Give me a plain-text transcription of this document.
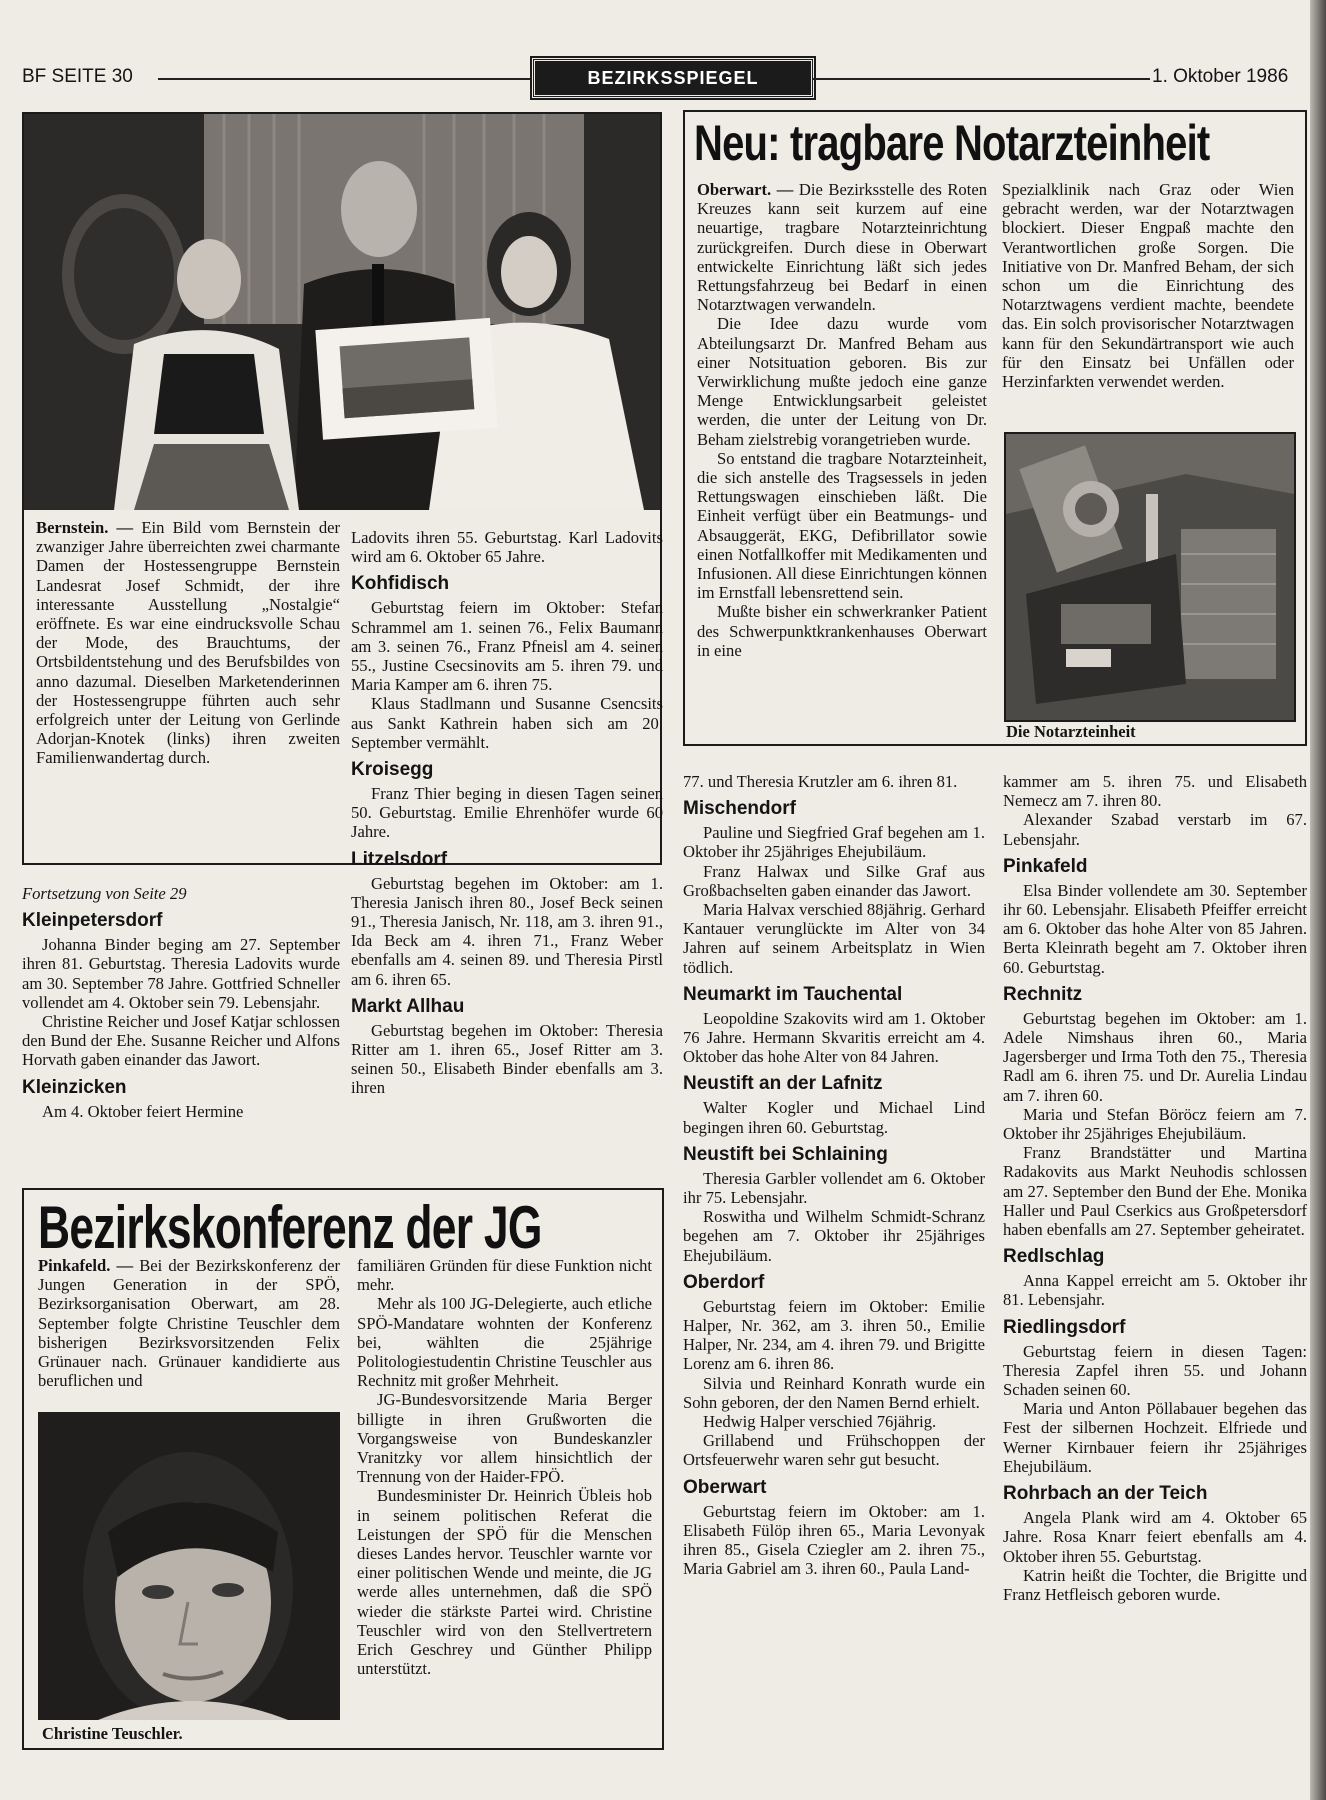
BF SEITE 30	BEZIRKSSPIEGEL	1. Oktober 1986

Bernstein. — Ein Bild vom Bernstein der zwanziger Jahre überreichten zwei charmante Damen der Hostessengruppe Bernstein Landesrat Josef Schmidt, der ihre interessante Ausstellung „Nostalgie“ eröffnete. Es war eine eindrucksvolle Schau der Mode, des Brauchtums, der Ortsbildentstehung und des Berufsbildes von anno dazumal. Dieselben Marketenderinnen der Hostessengruppe führten auch sehr erfolgreich unter der Leitung von Gerlinde Adorjan-Knotek (links) ihren zweiten Familienwandertag durch.

Ladovits ihren 55. Geburtstag. Karl Ladovits wird am 6. Oktober 65 Jahre.

Kohfidisch

Geburtstag feiern im Oktober: Stefan Schrammel am 1. seinen 76., Felix Baumann am 3. seinen 76., Franz Pfneisl am 4. seinen 55., Justine Csecsinovits am 5. ihren 79. und Maria Kamper am 6. ihren 75.

Klaus Stadlmann und Susanne Csencsits aus Sankt Kathrein haben sich am 20. September vermählt.

Kroisegg

Franz Thier beging in diesen Tagen seinen 50. Geburtstag. Emilie Ehrenhöfer wurde 60 Jahre.

Litzelsdorf

Geburtstag begehen im Oktober: am 1. Theresia Janisch ihren 80., Josef Beck seinen 91., Theresia Janisch, Nr. 118, am 3. ihren 91., Ida Beck am 4. ihren 71., Franz Weber ebenfalls am 4. seinen 89. und Theresia Pirstl am 6. ihren 65.

Markt Allhau

Geburtstag begehen im Oktober: Theresia Ritter am 1. ihren 65., Josef Ritter am 3. seinen 50., Elisabeth Binder ebenfalls am 3. ihren

Fortsetzung von Seite 29

Kleinpetersdorf

Johanna Binder beging am 27. September ihren 81. Geburtstag. Theresia Ladovits wurde am 30. September 78 Jahre. Gottfried Schneller vollendet am 4. Oktober sein 79. Lebensjahr.

Christine Reicher und Josef Katjar schlossen den Bund der Ehe. Susanne Reicher und Alfons Horvath gaben einander das Jawort.

Kleinzicken

Am 4. Oktober feiert Hermine

Neu: tragbare Notarzteinheit

Oberwart. — Die Bezirksstelle des Roten Kreuzes kann seit kurzem auf eine neuartige, tragbare Notarzteinrichtung zurückgreifen. Durch diese in Oberwart entwickelte Einrichtung läßt sich jedes Rettungsfahrzeug bei Bedarf in einen Notarztwagen verwandeln.

Die Idee dazu wurde vom Abteilungsarzt Dr. Manfred Beham aus einer Notsituation geboren. Bis zur Verwirklichung mußte jedoch eine ganze Menge Entwicklungsarbeit geleistet werden, die unter der Leitung von Dr. Beham zielstrebig vorangetrieben wurde.

So entstand die tragbare Notarzteinheit, die sich anstelle des Tragsessels in jeden Rettungswagen einschieben läßt. Die Einheit verfügt über ein Beatmungs- und Absauggerät, EKG, Defibrillator sowie einen Notfallkoffer mit Medikamenten und Infusionen. All diese Einrichtungen können im Ernstfall lebensrettend sein.

Mußte bisher ein schwerkranker Patient des Schwerpunktkrankenhauses Oberwart in eine

Spezialklinik nach Graz oder Wien gebracht werden, war der Notarztwagen blockiert. Dieser Engpaß machte den Verantwortlichen große Sorgen. Die Initiative von Dr. Manfred Beham, der sich schon um die Einrichtung des Notarztwagens verdient machte, beendete das. Ein solch provisorischer Notarztwagen kann für den Sekundärtransport wie auch für den Einsatz bei Unfällen oder Herzinfarkten verwendet werden.

Die Notarzteinheit

77. und Theresia Krutzler am 6. ihren 81.

Mischendorf

Pauline und Siegfried Graf begehen am 1. Oktober ihr 25jähriges Ehejubiläum.

Franz Halwax und Silke Graf aus Großbachselten gaben einander das Jawort.

Maria Halvax verschied 88jährig. Gerhard Kantauer verunglückte im Alter von 34 Jahren auf seinem Arbeitsplatz in Wien tödlich.

Neumarkt im Tauchental

Leopoldine Szakovits wird am 1. Oktober 76 Jahre. Hermann Skvaritis erreicht am 4. Oktober das hohe Alter von 84 Jahren.

Neustift an der Lafnitz

Walter Kogler und Michael Lind begingen ihren 60. Geburtstag.

Neustift bei Schlaining

Theresia Garbler vollendet am 6. Oktober ihr 75. Lebensjahr.

Roswitha und Wilhelm Schmidt-Schranz begehen am 7. Oktober ihr 25jähriges Ehejubiläum.

Oberdorf

Geburtstag feiern im Oktober: Emilie Halper, Nr. 362, am 3. ihren 50., Emilie Halper, Nr. 234, am 4. ihren 79. und Brigitte Lorenz am 6. ihren 86.

Silvia und Reinhard Konrath wurde ein Sohn geboren, der den Namen Bernd erhielt.

Hedwig Halper verschied 76jährig.

Grillabend und Frühschoppen der Ortsfeuerwehr waren sehr gut besucht.

Oberwart

Geburtstag feiern im Oktober: am 1. Elisabeth Fülöp ihren 65., Maria Levonyak ihren 85., Gisela Cziegler am 2. ihren 75., Maria Gabriel am 3. ihren 60., Paula Land-

kammer am 5. ihren 75. und Elisabeth Nemecz am 7. ihren 80.

Alexander Szabad verstarb im 67. Lebensjahr.

Pinkafeld

Elsa Binder vollendete am 30. September ihr 60. Lebensjahr. Elisabeth Pfeiffer erreicht am 6. Oktober das hohe Alter von 85 Jahren. Berta Kleinrath begeht am 7. Oktober ihren 60. Geburtstag.

Rechnitz

Geburtstag begehen im Oktober: am 1. Adele Nimshaus ihren 60., Maria Jagersberger und Irma Toth den 75., Theresia Radl am 6. ihren 75. und Dr. Aurelia Lindau am 7. ihren 60.

Maria und Stefan Böröcz feiern am 7. Oktober ihr 25jähriges Ehejubiläum.

Franz Brandstätter und Martina Radakovits aus Markt Neuhodis schlossen am 27. September den Bund der Ehe. Monika Haller und Paul Cserkics aus Großpetersdorf haben ebenfalls am 27. September geheiratet.

Redlschlag

Anna Kappel erreicht am 5. Oktober ihr 81. Lebensjahr.

Riedlingsdorf

Geburtstag feiern in diesen Tagen: Theresia Zapfel ihren 55. und Johann Schaden seinen 60.

Maria und Anton Pöllabauer begehen das Fest der silbernen Hochzeit. Elfriede und Werner Kirnbauer feiern ihr 25jähriges Ehejubiläum.

Rohrbach an der Teich

Angela Plank wird am 4. Oktober 65 Jahre. Rosa Knarr feiert ebenfalls am 4. Oktober ihren 55. Geburtstag.

Katrin heißt die Tochter, die Brigitte und Franz Hetfleisch geboren wurde.

Bezirkskonferenz der JG

Pinkafeld. — Bei der Bezirkskonferenz der Jungen Generation in der SPÖ, Bezirksorganisation Oberwart, am 28. September folgte Christine Teuschler dem bisherigen Bezirksvorsitzenden Felix Grünauer nach. Grünauer kandidierte aus beruflichen und

Christine Teuschler.

familiären Gründen für diese Funktion nicht mehr.

Mehr als 100 JG-Delegierte, auch etliche SPÖ-Mandatare wohnten der Konferenz bei, wählten die 25jährige Politologiestudentin Christine Teuschler aus Rechnitz mit großer Mehrheit.

JG-Bundesvorsitzende Maria Berger billigte in ihren Grußworten die Vorgangsweise von Bundeskanzler Vranitzky vor allem hinsichtlich der Trennung von der Haider-FPÖ.

Bundesminister Dr. Heinrich Übleis hob in seinem politischen Referat die Leistungen der SPÖ für die Menschen dieses Landes hervor. Teuschler warnte vor einer politischen Wende und meinte, die JG werde alles unternehmen, daß die SPÖ wieder die stärkste Partei wird. Christine Teuschler wird von den Stellvertretern Erich Geschrey und Günther Philipp unterstützt.
